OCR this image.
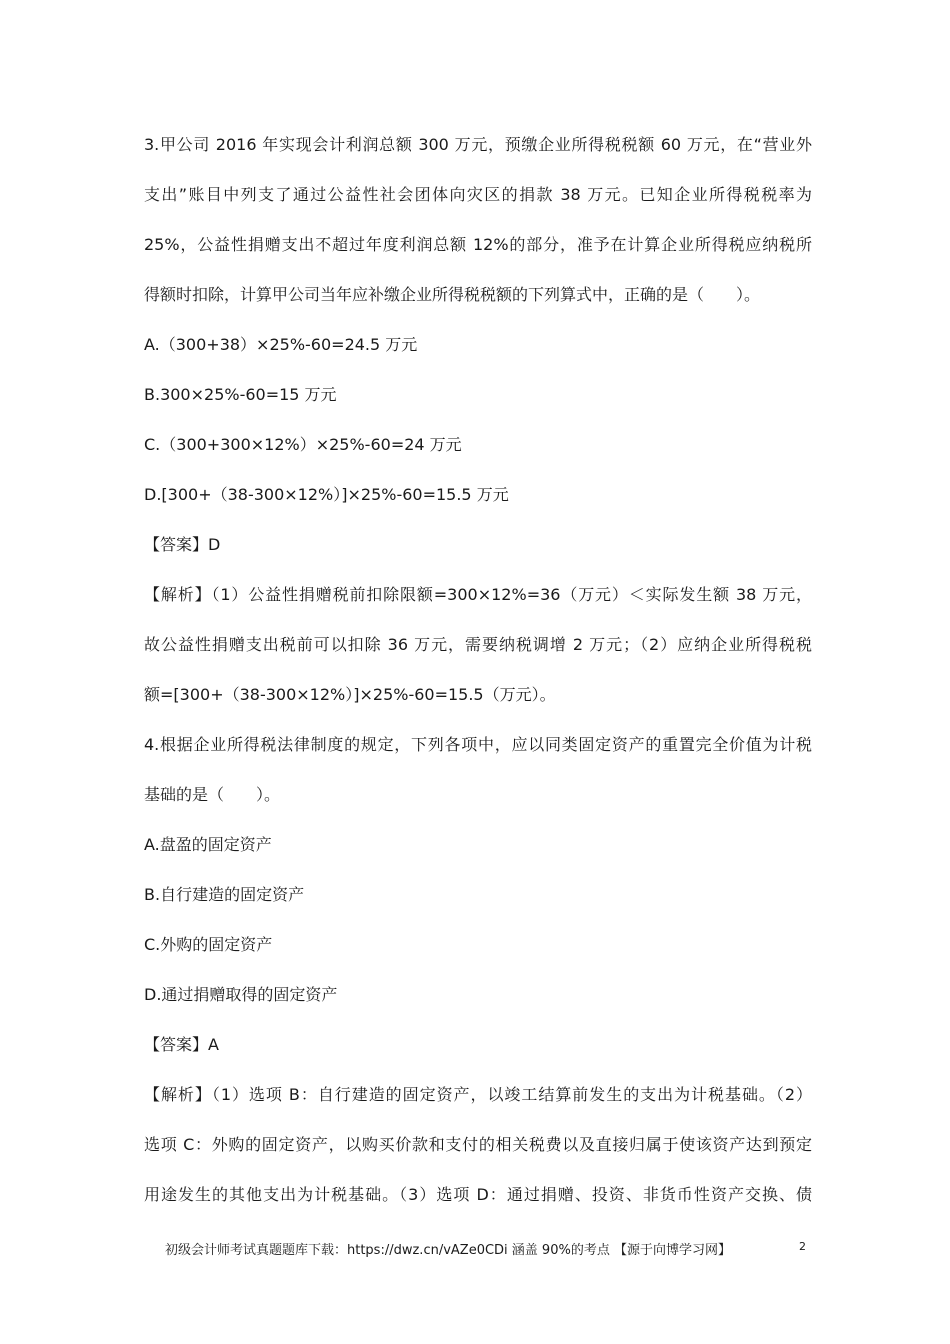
3.甲公司 2016 年实现会计利润总额 300 万元，预缴企业所得税税额 60 万元，在“营业外
支出”账目中列支了通过公益性社会团体向灾区的捐款 38 万元。已知企业所得税税率为
25%，公益性捐赠支出不超过年度利润总额 12%的部分，准予在计算企业所得税应纳税所
得额时扣除，计算甲公司当年应补缴企业所得税税额的下列算式中，正确的是（　　）。
A.（300+38）×25%-60=24.5 万元
B.300×25%-60=15 万元
C.（300+300×12%）×25%-60=24 万元
D.[300+（38-300×12%）]×25%-60=15.5 万元
【答案】D
【解析】（1）公益性捐赠税前扣除限额=300×12%=36（万元）＜实际发生额 38 万元，
故公益性捐赠支出税前可以扣除 36 万元，需要纳税调增 2 万元；（2）应纳企业所得税税
额=[300+（38-300×12%）]×25%-60=15.5（万元）。
4.根据企业所得税法律制度的规定，下列各项中，应以同类固定资产的重置完全价值为计税
基础的是（　　）。
A.盘盈的固定资产
B.自行建造的固定资产
C.外购的固定资产
D.通过捐赠取得的固定资产
【答案】A
【解析】（1）选项 B：自行建造的固定资产，以竣工结算前发生的支出为计税基础。（2）
选项 C：外购的固定资产，以购买价款和支付的相关税费以及直接归属于使该资产达到预定
用途发生的其他支出为计税基础。（3）选项 D：通过捐赠、投资、非货币性资产交换、债
初级会计师考试真题题库下载：https://dwz.cn/vAZe0CDi 涵盖 90%的考点 【源于向博学习网】	2
